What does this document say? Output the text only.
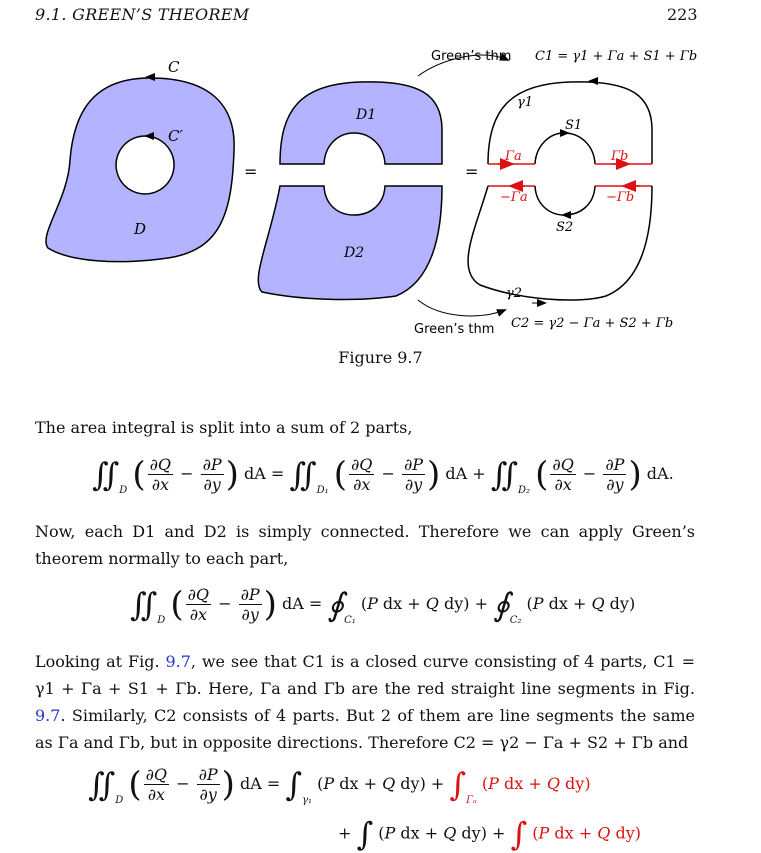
9.1. GREEN’S THEOREM	223
C
C′
D
=
D1
D2
=
γ1
S1
Γa	Γb
−Γa	−Γb
S2
γ2
Green’s thm C1 = γ1 + Γa + S1 + Γb
Green’s thm C2 = γ2 − Γa + S2 + Γb
Figure 9.7
The area integral is split into a sum of 2 parts,
$∬_D$ ( $\frac{\partial Q}{\partial x} - \frac{\partial P}{\partial y}$ ) dA = $∬_{D_1}$ ( $\frac{\partial Q}{\partial x} - \frac{\partial P}{\partial y}$ ) dA + $∬_{D_2}$ ( $\frac{\partial Q}{\partial x} - \frac{\partial P}{\partial y}$ ) dA.
Now, each D1 and D2 is simply connected. Therefore we can apply Green’s theorem normally to each part,
$∬_D$ ( $\frac{\partial Q}{\partial x} - \frac{\partial P}{\partial y}$ ) dA = $∮_{C_1}$ (P dx + Q $dy) + ∮_{C_2}$ (P dx + Q dy)
Looking at Fig. 9.7, we see that C1 is a closed curve consisting of 4 parts, C1 = γ1 + Γa + S1 + Γb. Here, Γa and Γb are the red straight line segments in Fig. 9.7. Similarly, C2 consists of 4 parts. But 2 of them are line segments the same as Γa and Γb, but in opposite directions. Therefore C2 = γ2 − Γa + S2 + Γb and
$∬_D$ ( $\frac{\partial Q}{\partial x} - \frac{\partial P}{\partial y}$ ) dA = $\int_{\gamma_1}$ (P dx + Q $dy) + \int_{\Gamma_a}$ (P dx + Q dy)
+ ∫ (P dx + Q dy) + ∫ (P dx + Q dy)
